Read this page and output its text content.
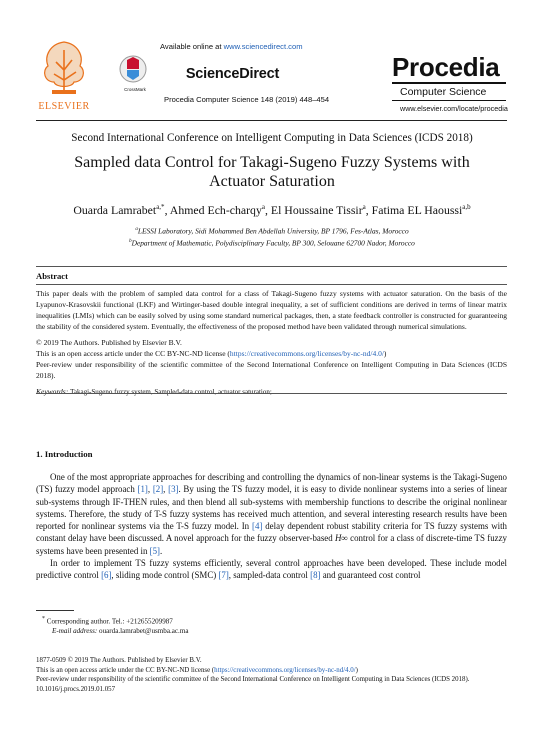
ELSEVIER
Available online at www.sciencedirect.com
CrossMark
ScienceDirect
Procedia Computer Science 148 (2019) 448–454
Procedia
Computer Science
www.elsevier.com/locate/procedia
Second International Conference on Intelligent Computing in Data Sciences (ICDS 2018)
Sampled data Control for Takagi-Sugeno Fuzzy Systems with
Actuator Saturation
Ouarda Lamrabet$^{a,*}$, Ahmed Ech-charqy$^a$, El Houssaine Tissir$^a$, Fatima EL Haoussi$^{a,b}$
$^a$LESSI Laboratory, Sidi Mohammed Ben Abdellah University, BP 1796, Fes-Atlas, Morocco
$^b$Department of Mathematic, Polydisciplinary Faculty, BP 300, Selouane 62700 Nador, Morocco
Abstract

This paper deals with the problem of sampled data control for a class of Takagi-Sugeno fuzzy systems with actuator saturation. On the basis of the Lyapunov-Krasovskii functional (LKF) and Wirtinger-based double integral inequality, a set of sufficient conditions are derived in terms of linear matrix inequalities (LMIs) which can be easily solved by using some standard numerical packages, then, a state feedback controller is constructed for guaranteeing the stability of the considered system. Eventually, the effectiveness of the proposed method have been validated through numerical simulations.

© 2019 The Authors. Published by Elsevier B.V.

This is an open access article under the CC BY-NC-ND license (https://creativecommons.org/licenses/by-nc-nd/4.0/)

Peer-review under responsibility of the scientific committee of the Second International Conference on Intelligent Computing in Data Sciences (ICDS 2018).

Keywords: Takagi-Sugeno fuzzy system, Sampled-data control, actuator saturation;

1. Introduction

One of the most appropriate approaches for describing and controlling the dynamics of non-linear systems is the Takagi-Sugeno (TS) fuzzy model approach [1], [2], [3]. By using the TS fuzzy model, it is easy to divide nonlinear systems into a series of linear sub-systems through IF-THEN rules, and then blend all sub-systems with membership functions to describe the original nonlinear systems. Therefore, the study of T-S fuzzy systems has received much attention, and several interesting research results have been reported for nonlinear systems via the T-S fuzzy model. In [4] delay dependent robust stability criteria for TS fuzzy systems with constant delay have been discussed. A novel approach for the fuzzy observer-based H∞ control for a class of discrete-time TS fuzzy systems have been presented in [5].

In order to implement TS fuzzy systems efficiently, several control approaches have been developed. These include model predictive control [6], sliding mode control (SMC) [7], sampled-data control [8] and guaranteed cost control

* Corresponding author. Tel.: +212655209987
E-mail address: ouarda.lamrabet@usmba.ac.ma
1877-0509 © 2019 The Authors. Published by Elsevier B.V.
This is an open access article under the CC BY-NC-ND license (https://creativecommons.org/licenses/by-nc-nd/4.0/)
Peer-review under responsibility of the scientific committee of the Second International Conference on Intelligent Computing in Data Sciences (ICDS 2018).
10.1016/j.procs.2019.01.057
